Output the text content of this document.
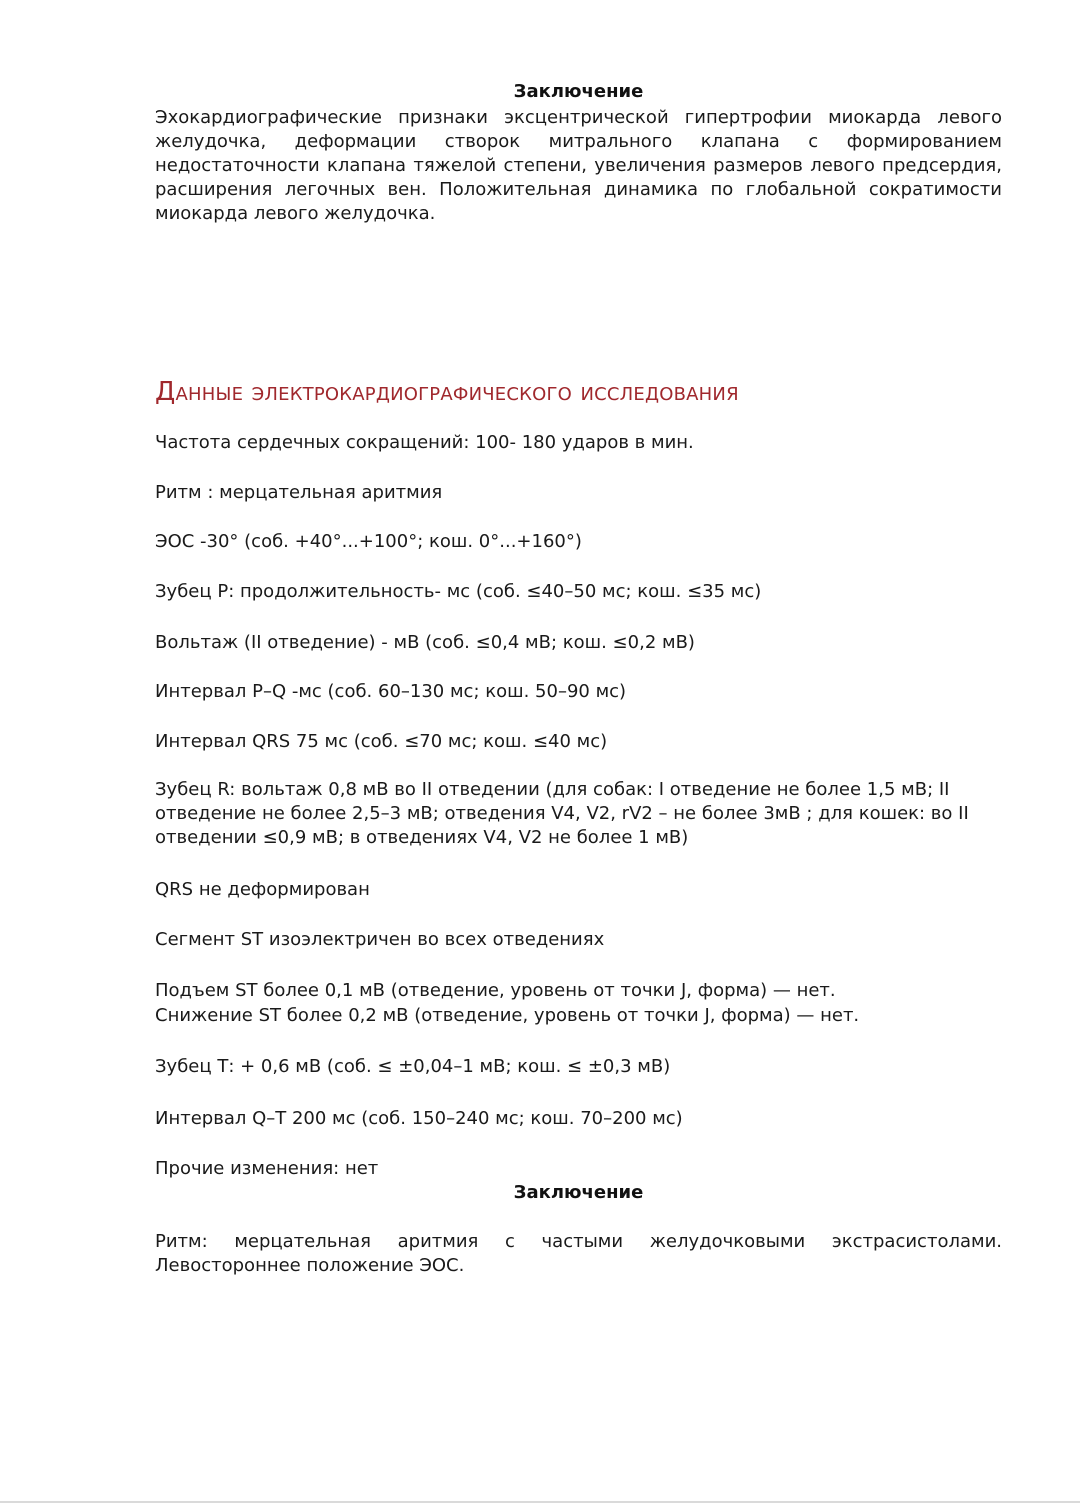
Заключение
Эхокардиографические признаки эксцентрической гипертрофии миокарда левого желудочка, деформации створок митрального клапана с формированием недостаточности клапана тяжелой степени, увеличения размеров левого предсердия, расширения легочных вен. Положительная динамика по глобальной сократимости миокарда левого желудочка.
Данные электрокардиографического исследования
Частота сердечных сокращений: 100- 180 ударов в мин.
Ритм : мерцательная аритмия
ЭОС -30° (соб. +40°...+100°; кош. 0°...+160°)
Зубец Р: продолжительность- мс (соб. ≤40–50 мс; кош. ≤35 мс)
Вольтаж (II отведение) - мВ (соб. ≤0,4 мВ; кош. ≤0,2 мВ)
Интервал P–Q -мс (соб. 60–130 мс; кош. 50–90 мс)
Интервал QRS 75 мс (соб. ≤70 мс; кош. ≤40 мс)
Зубец R: вольтаж 0,8 мВ во II отведении (для собак: I отведение не более 1,5 мВ; II отведение не более 2,5–3 мВ; отведения V4, V2, rV2 – не более 3мВ ; для кошек: во II отведении ≤0,9 мВ; в отведениях V4, V2 не более 1 мВ)
QRS не деформирован
Сегмент ST изоэлектричен во всех отведениях
Подъем ST более 0,1 мВ (отведение, уровень от точки J, форма) — нет.
Снижение ST более 0,2 мВ (отведение, уровень от точки J, форма) — нет.
Зубец Т: + 0,6 мВ (соб. ≤ ±0,04–1 мВ; кош. ≤ ±0,3 мВ)
Интервал Q–T 200 мс (соб. 150–240 мс; кош. 70–200 мс)
Прочие изменения: нет
Заключение
Ритм: мерцательная аритмия с частыми желудочковыми экстрасистолами. Левостороннее положение ЭОС.
